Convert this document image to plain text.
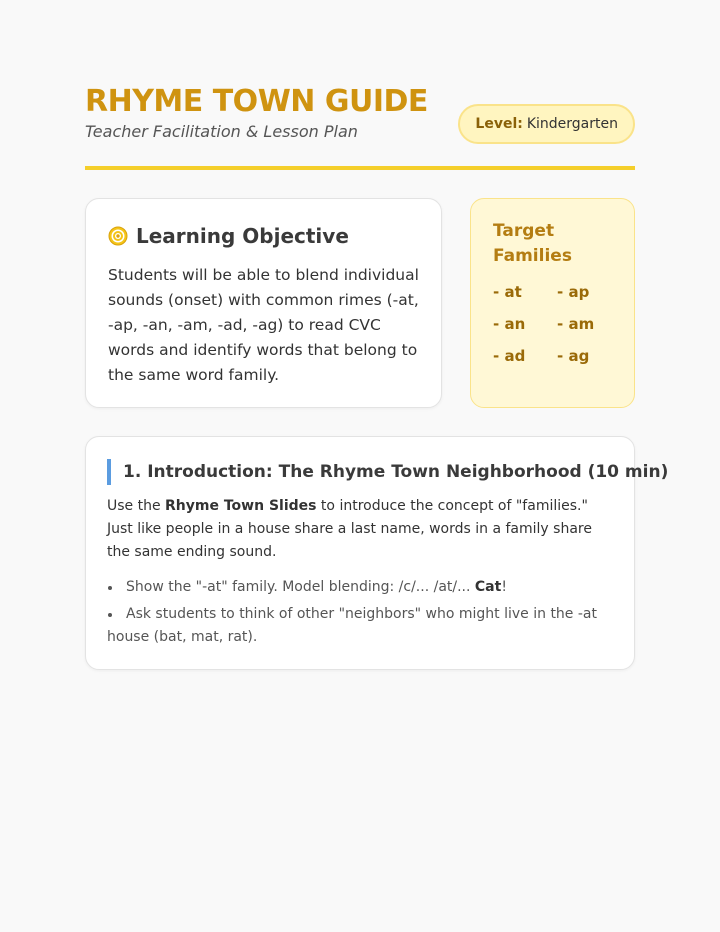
RHYME TOWN GUIDE
Teacher Facilitation & Lesson Plan	Level: Kindergarten
Learning Objective

Students will be able to blend individual sounds (onset) with common rimes (-at, -ap, -an, -am, -ad, -ag) to read CVC words and identify words that belong to the same word family.

Target Families
- at	- ap
- an	- am
- ad	- ag
1. Introduction: The Rhyme Town Neighborhood (10 min)

Use the Rhyme Town Slides to introduce the concept of "families." Just like people in a house share a last name, words in a family share the same ending sound.

Show the "-at" family. Model blending: /c/... /at/... Cat!
Ask students to think of other "neighbors" who might live in the -at house (bat, mat, rat).
